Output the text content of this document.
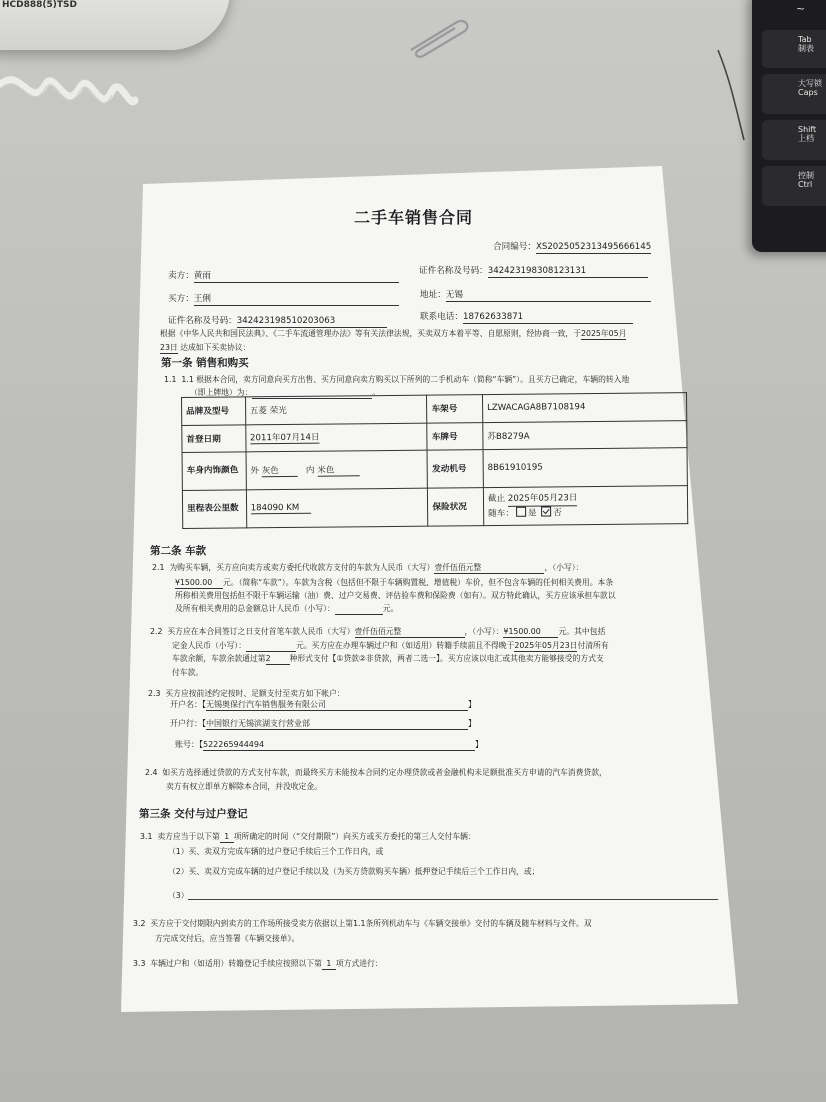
HCD888(5)TSD	~
Tab
制表
大写锁
Caps
Shift
上档
控制
Ctrl
二手车销售合同
合同编号：XS2025052313495666145
卖方：黄雨	证件名称及号码：342423198308123131
买方：王俐	地址：无锡
证件名称及号码：342423198510203063	联系电话：18762633871
根据《中华人民共和国民法典》、《二手车流通管理办法》等有关法律法规，买卖双方本着平等、自愿原则，经协商一致，于2025年05月
23日 达成如下买卖协议：
第一条 销售和购买
1.1 1.1 根据本合同，卖方同意向买方出售、买方同意向卖方购买以下所列的二手机动车（简称“车辆”）。且买方已确定，车辆的转入地
（即上牌地）为：	。
品牌及型号	五菱 荣光	车架号	LZWACAGA8B7108194
首登日期	2011年07月14日	车牌号	苏B8279A
车身内饰颜色	外 灰色 内 米色	发动机号	8B61910195
里程表公里数	184090 KM	保险状况	截止 2025年05月23日
随车： 是 否
第二条 车款
2.1 为购买车辆，买方应向卖方或卖方委托代收款方支付的车款为人民币（大写）壹仟伍佰元整	，（小写）：
¥1500.00 元。（简称“车款”）。车款为含税（包括但不限于车辆购置税、增值税）车价，但不包含车辆的任何相关费用。本条
所称相关费用包括但不限于车辆运输（油）费、过户交易费、评估验车费和保险费（如有）。双方特此确认，买方应该承担车款以
及所有相关费用的总金额总计人民币（小写）：	元。
2.2 买方应在本合同签订之日支付首笔车款人民币（大写）壹仟伍佰元整	，（小写）：¥1500.00 元。其中包括
定金人民币（小写）：	元。买方应在办理车辆过户和（如适用）转籍手续前且不得晚于2025年05月23日付清所有
车款余额，车款余款通过第2 种形式支付【①贷款②非贷款，两者二选一】。买方应该以电汇或其他卖方能够接受的方式支
付车款。
2.3 买方应按前述约定按时、足额支付至卖方如下帐户：
开户名：【无锡奥保行汽车销售服务有限公司	】
开户行：【中国银行无锡滨湖支行营业部	】
账号：【522265944494	】
2.4 如买方选择通过贷款的方式支付车款，而最终买方未能按本合同约定办理贷款或者金融机构未足额批准买方申请的汽车消费贷款，
卖方有权立即单方解除本合同，并没收定金。
第三条 交付与过户登记
3.1 卖方应当于以下第 1 项所确定的时间（“交付期限”）向买方或买方委托的第三人交付车辆：
（1）买、卖双方完成车辆的过户登记手续后三个工作日内，或
（2）买、卖双方完成车辆的过户登记手续以及（为买方贷款购买车辆）抵押登记手续后三个工作日内，或；
（3）
3.2 买方应于交付期限内到卖方的工作场所接受卖方依据以上第1.1条所列机动车与《车辆交接单》交付的车辆及随车材料与文件。双
方完成交付后，应当签署《车辆交接单》。
3.3 车辆过户和（如适用）转籍登记手续应按照以下第 1 项方式进行：
